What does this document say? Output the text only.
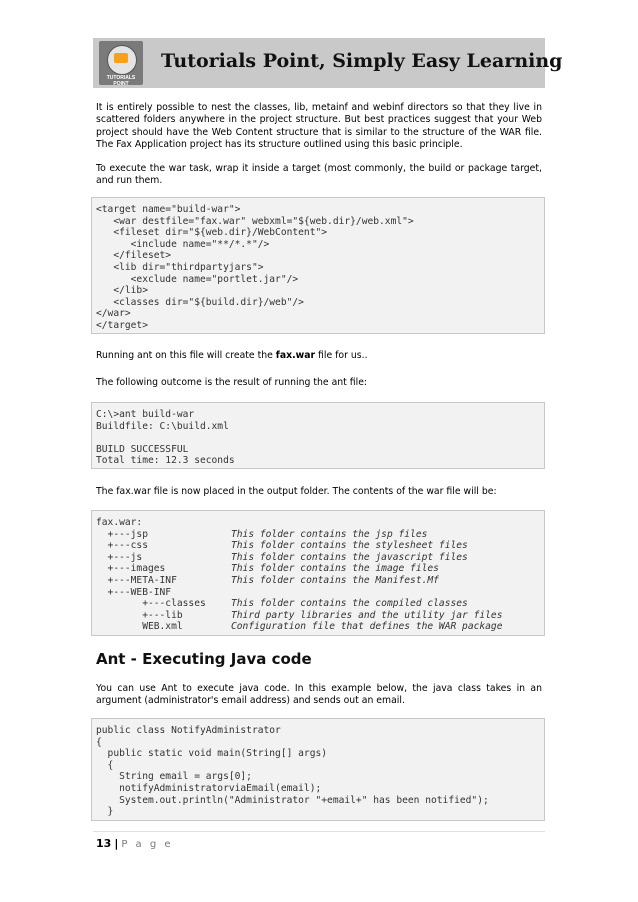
TUTORIALS POINT
Tutorials Point, Simply Easy Learning

It is entirely possible to nest the classes, lib, metainf and webinf directors so that they live in scattered folders anywhere in the project structure. But best practices suggest that your Web project should have the Web Content structure that is similar to the structure of the WAR file. The Fax Application project has its structure outlined using this basic principle.

To execute the war task, wrap it inside a target (most commonly, the build or package target, and run them.

<target name="build-war">
<war destfile="fax.war" webxml="${web.dir}/web.xml">
<fileset dir="${web.dir}/WebContent">
<include name="**/*.*"/>
</fileset>
<lib dir="thirdpartyjars">
<exclude name="portlet.jar"/>
</lib>
<classes dir="${build.dir}/web"/>
</war>
</target>

Running ant on this file will create the fax.war file for us..

The following outcome is the result of running the ant file:

C:\>ant build-war
Buildfile: C:\build.xml
BUILD SUCCESSFUL
Total time: 12.3 seconds

The fax.war file is now placed in the output folder. The contents of the war file will be:

fax.war:
+---jsp	This folder contains the jsp files
+---css	This folder contains the stylesheet files
+---js	This folder contains the javascript files
+---images	This folder contains the image files
+---META-INF	This folder contains the Manifest.Mf
+---WEB-INF
+---classes	This folder contains the compiled classes
+---lib	Third party libraries and the utility jar files
WEB.xml	Configuration file that defines the WAR package
Ant - Executing Java code

You can use Ant to execute java code. In this example below, the java class takes in an argument (administrator's email address) and sends out an email.

public class NotifyAdministrator
{
public static void main(String[] args)
{
String email = args[0];
notifyAdministratorviaEmail(email);
System.out.println("Administrator "+email+" has been notified");
}
13 | P a g e
